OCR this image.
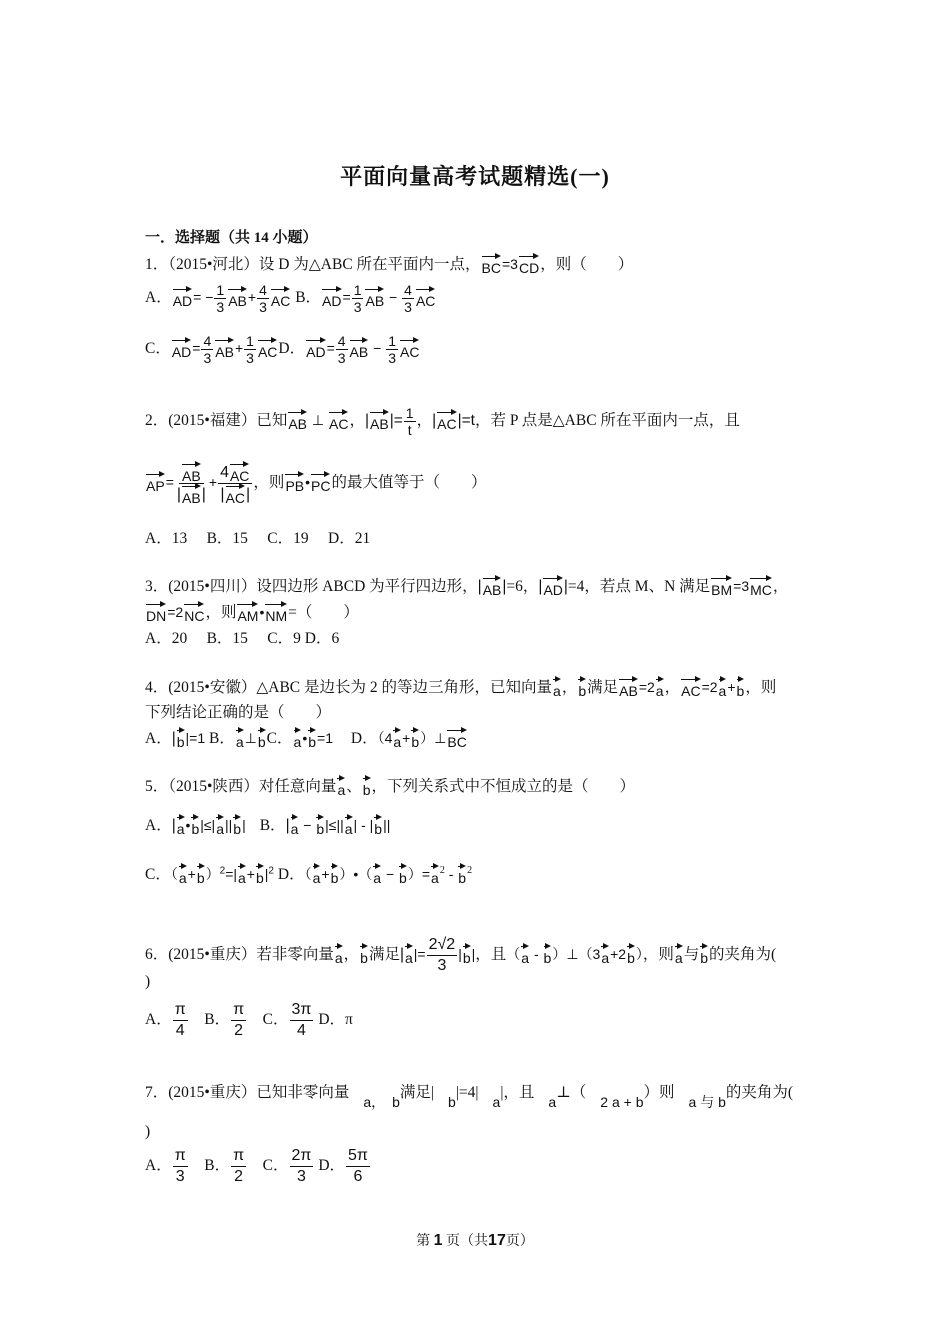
平面向量高考试题精选(一)
一．选择题（共 14 小题）
1．（2015•河北）设 D 为△ABC 所在平面内一点，BC=3CD，则（　　）
A．$AD= - \frac{1}{3} AB+ \frac{4}{3}$ AC B．$AD= \frac{1}{3}$ AB − $\frac{4}{3}$ AC
C．$AD= \frac{4}{3} AB+ \frac{1}{3}$ ACD．$AD= \frac{4}{3}$ AB − $\frac{1}{3}$ AC
2．(2015•福建）已知AB ⊥ AC，$|AB|= \frac{1}{t}$ ，|AC|=t，若 P 点是△ABC 所在平面内一点，且
$AP= \frac{AB}{|AB|} + \frac{4AC}{|AC|}$ ，则PB•PC的最大值等于（　　）
A．13　 B．15　 C．19　 D．21
3．(2015•四川）设四边形 ABCD 为平行四边形，|AB|=6，|AD|=4，若点 M、N 满足BM=3MC，
DN=2NC，则AM•NM=（　　）
A．20　 B．15　 C．9 D．6
4．(2015•安徽）△ABC 是边长为 2 的等边三角形，已知向量a，b满足AB=2a，AC=2a+b，则
下列结论正确的是（　　）
A．|b|=1 B．a⊥bC．a•b=1　 D．（4a+b）⊥BC
5．（2015•陕西）对任意向量a、b，下列关系式中不恒成立的是（　　）
A．|a•b|≤|a||b|　B．|a − b|≤||a| - |b||
C．$(a+b)^2=|a+b|^2$ D．（a+b）•（a − $b)=a^2 - b^2$
6．(2015•重庆）若非零向量a，b满足$|a|= \frac{2√2}{3} |b|$，且（a - b）⊥（3a+2b），则a与b的夹角为(
)
A． $\frac{\pi}{4}$
　 B． $\frac{\pi}{2}$
　 C． $\frac{3\pi}{4}$ D．π
7．(2015•重庆）已知非零向量　a，　b满足|　b|=4|　a|，且　a⊥（　2 a + b）则　a 与 b的夹角为(
)
A． $\frac{\pi}{3}$
　 B． $\frac{\pi}{2}$
　 C． $\frac{2\pi}{3}$ D． $\frac{5\pi}{6}$
第 1 页（共17页）
